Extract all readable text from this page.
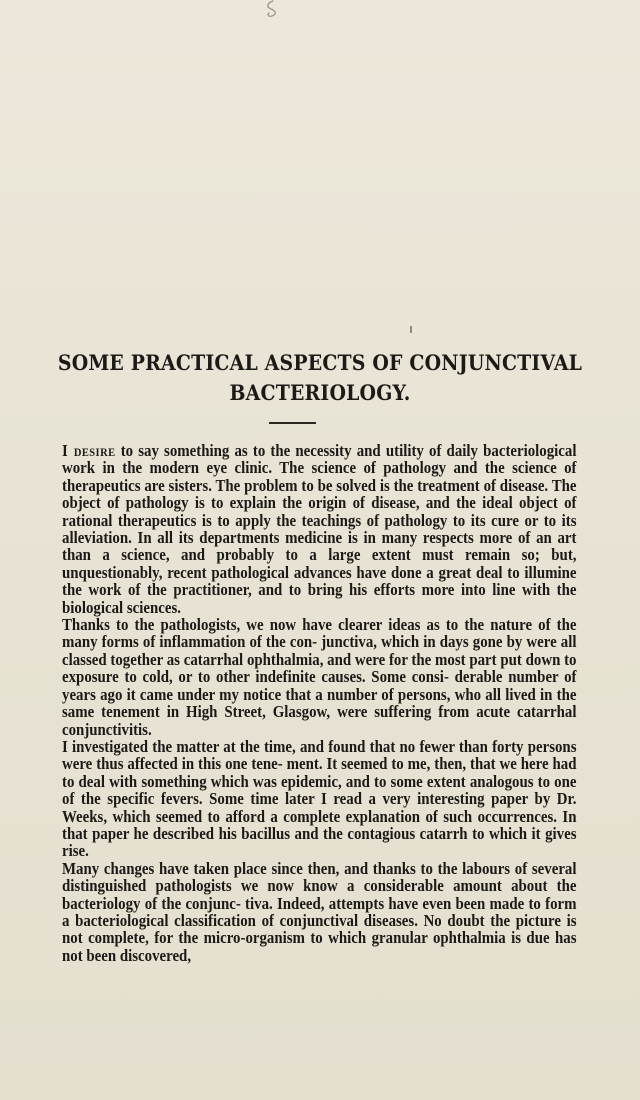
SOME PRACTICAL ASPECTS OF CONJUNCTIVAL
BACTERIOLOGY.

I desire to say something as to the necessity and utility of daily bacteriological work in the modern eye clinic. The science of pathology and the science of therapeutics are sisters. The problem to be solved is the treatment of disease. The object of pathology is to explain the origin of disease, and the ideal object of rational therapeutics is to apply the teachings of pathology to its cure or to its alleviation. In all its departments medicine is in many respects more of an art than a science, and probably to a large extent must remain so; but, unquestionably, recent pathological advances have done a great deal to illumine the work of the practitioner, and to bring his efforts more into line with the biological sciences.

Thanks to the pathologists, we now have clearer ideas as to the nature of the many forms of inflammation of the con- junctiva, which in days gone by were all classed together as catarrhal ophthalmia, and were for the most part put down to exposure to cold, or to other indefinite causes. Some consi- derable number of years ago it came under my notice that a number of persons, who all lived in the same tenement in High Street, Glasgow, were suffering from acute catarrhal conjunctivitis.

I investigated the matter at the time, and found that no fewer than forty persons were thus affected in this one tene- ment. It seemed to me, then, that we here had to deal with something which was epidemic, and to some extent analogous to one of the specific fevers. Some time later I read a very interesting paper by Dr. Weeks, which seemed to afford a complete explanation of such occurrences. In that paper he described his bacillus and the contagious catarrh to which it gives rise.

Many changes have taken place since then, and thanks to the labours of several distinguished pathologists we now know a considerable amount about the bacteriology of the conjunc- tiva. Indeed, attempts have even been made to form a bacteriological classification of conjunctival diseases. No doubt the picture is not complete, for the micro-organism to which granular ophthalmia is due has not been discovered,
